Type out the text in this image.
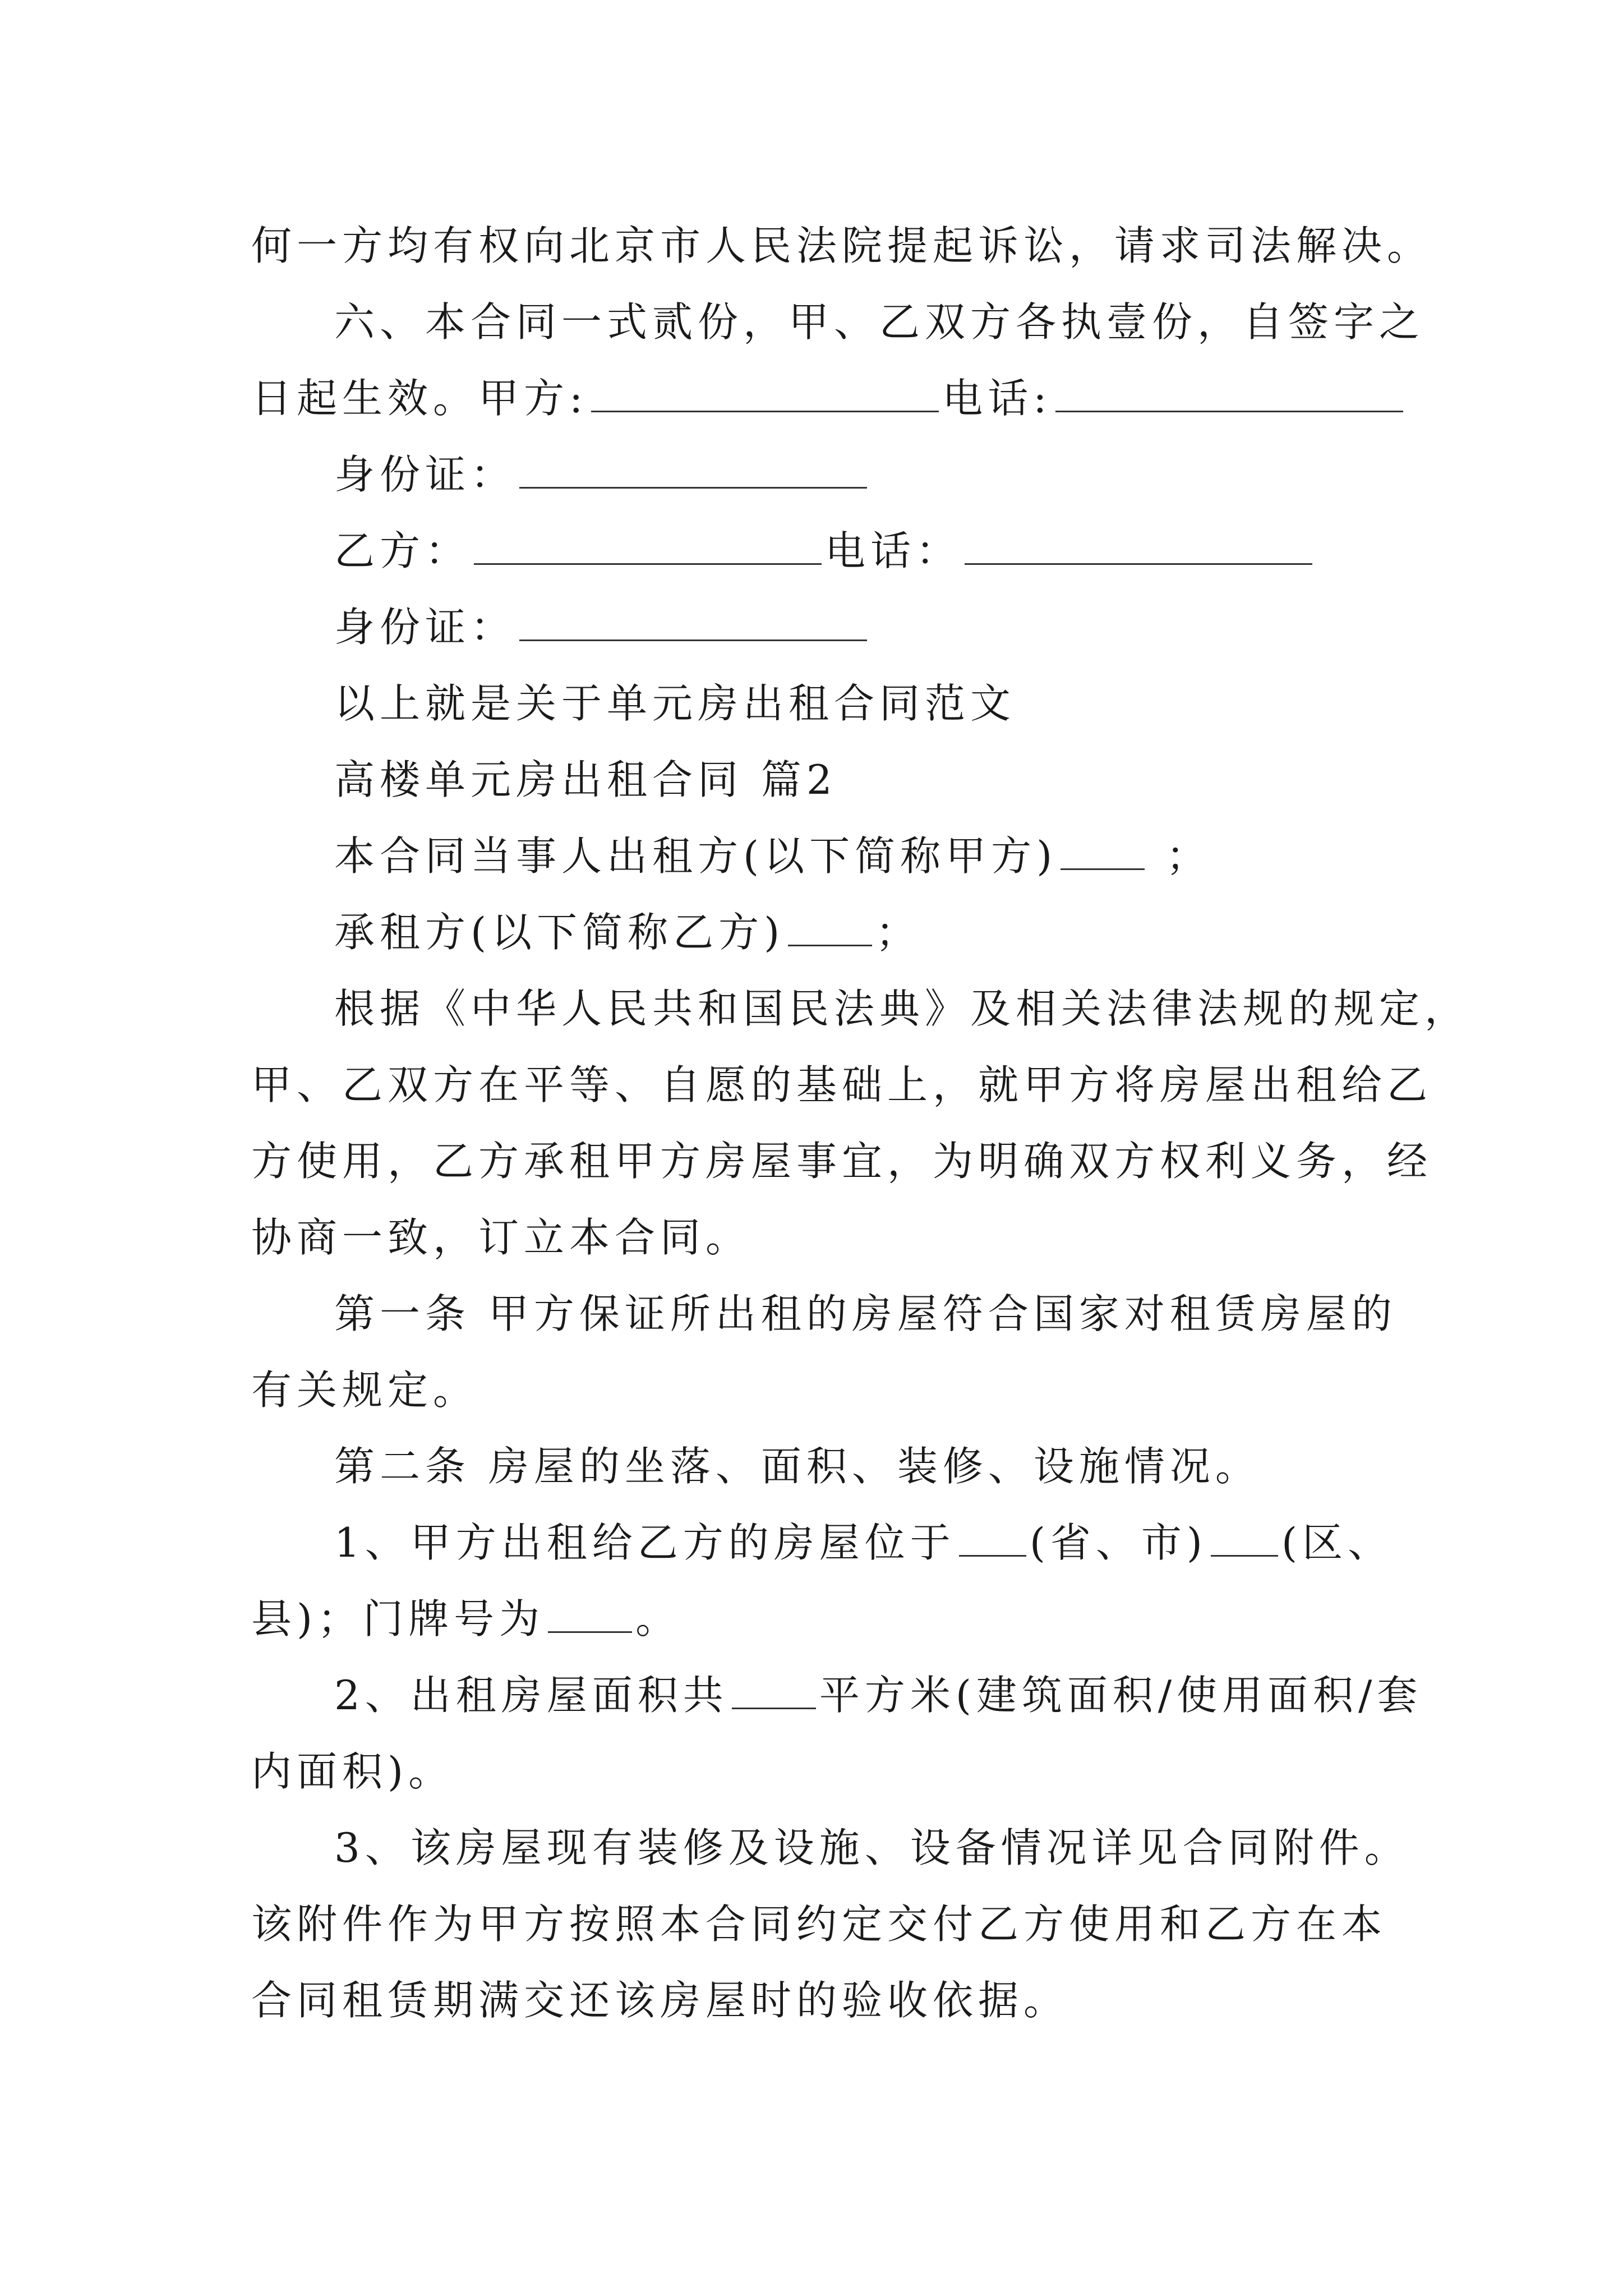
何一方均有权向北京市人民法院提起诉讼，请求司法解决。
六、本合同一式贰份，甲、乙双方各执壹份，自签字之
日起生效。甲方:	电话:
身份证：
乙方：	电话：
身份证：
以上就是关于单元房出租合同范文
高楼单元房出租合同 篇2
本合同当事人出租方(以下简称甲方) ；
承租方(以下简称乙方) ；
根据《中华人民共和国民法典》及相关法律法规的规定，
甲、乙双方在平等、自愿的基础上，就甲方将房屋出租给乙
方使用，乙方承租甲方房屋事宜，为明确双方权利义务，经
协商一致，订立本合同。
第一条 甲方保证所出租的房屋符合国家对租赁房屋的
有关规定。
第二条 房屋的坐落、面积、装修、设施情况。
1、甲方出租给乙方的房屋位于 (省、市) (区、
县)；门牌号为 。
2、出租房屋面积共 平方米(建筑面积/使用面积/套
内面积)。
3、该房屋现有装修及设施、设备情况详见合同附件。
该附件作为甲方按照本合同约定交付乙方使用和乙方在本
合同租赁期满交还该房屋时的验收依据。
